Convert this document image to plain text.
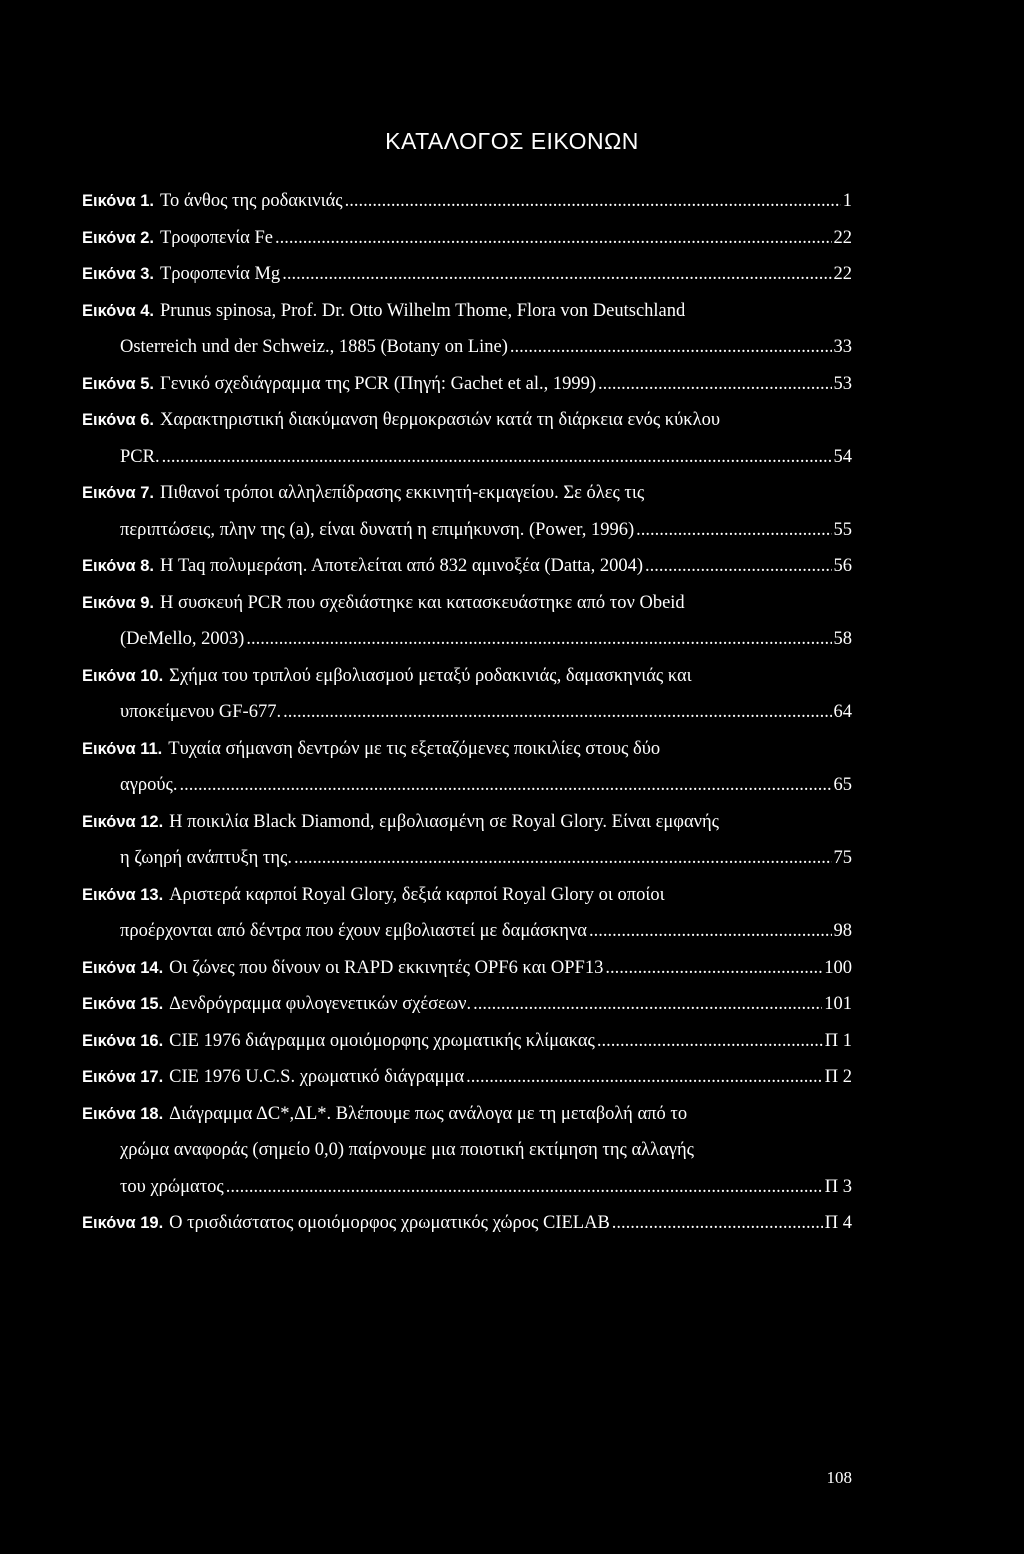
ΚΑΤΑΛΟΓΟΣ ΕΙΚΟΝΩΝ
Εικόνα 1. Το άνθος της ροδακινιάς .....	1
Εικόνα 2. Τροφοπενία Fe .....	22
Εικόνα 3. Τροφοπενία Mg .....	22
Εικόνα 4. Prunus spinosa, Prof. Dr. Otto Wilhelm Thome, Flora von Deutschland
Osterreich und der Schweiz., 1885 (Botany on Line) .....	33
Εικόνα 5. Γενικό σχεδιάγραμμα της PCR (Πηγή: Gachet et al., 1999) .....	53
Εικόνα 6. Χαρακτηριστική διακύμανση θερμοκρασιών κατά τη διάρκεια ενός κύκλου
PCR. .....	54
Εικόνα 7. Πιθανοί τρόποι αλληλεπίδρασης εκκινητή-εκμαγείου. Σε όλες τις
περιπτώσεις, πλην της (a), είναι δυνατή η επιμήκυνση. (Power, 1996) .....	55
Εικόνα 8. Η Taq πολυμεράση. Αποτελείται από 832 αμινοξέα (Datta, 2004) .....	56
Εικόνα 9. Η συσκευή PCR που σχεδιάστηκε και κατασκευάστηκε από τον Obeid
(DeMello, 2003) .....	58
Εικόνα 10. Σχήμα του τριπλού εμβολιασμού μεταξύ ροδακινιάς, δαμασκηνιάς και
υποκείμενου GF-677. .....	64
Εικόνα 11. Τυχαία σήμανση δεντρών με τις εξεταζόμενες ποικιλίες στους δύο
αγρούς. .....	65
Εικόνα 12. Η ποικιλία Black Diamond, εμβολιασμένη σε Royal Glory. Είναι εμφανής
η ζωηρή ανάπτυξη της. .....	75
Εικόνα 13. Αριστερά καρποί Royal Glory, δεξιά καρποί Royal Glory οι οποίοι
προέρχονται από δέντρα που έχουν εμβολιαστεί με δαμάσκηνα .....	98
Εικόνα 14. Οι ζώνες που δίνουν οι RAPD εκκινητές OPF6 και OPF13 .....	100
Εικόνα 15. Δενδρόγραμμα φυλογενετικών σχέσεων. .....	101
Εικόνα 16. CIE 1976 διάγραμμα ομοιόμορφης χρωματικής κλίμακας .....	Π 1
Εικόνα 17. CIE 1976 U.C.S. χρωματικό διάγραμμα .....	Π 2
Εικόνα 18. Διάγραμμα ΔC*,ΔL*. Βλέπουμε πως ανάλογα με τη μεταβολή από το
χρώμα αναφοράς (σημείο 0,0) παίρνουμε μια ποιοτική εκτίμηση της αλλαγής
του χρώματος .....	Π 3
Εικόνα 19. Ο τρισδιάστατος ομοιόμορφος χρωματικός χώρος CIELAB .....	Π 4
108
